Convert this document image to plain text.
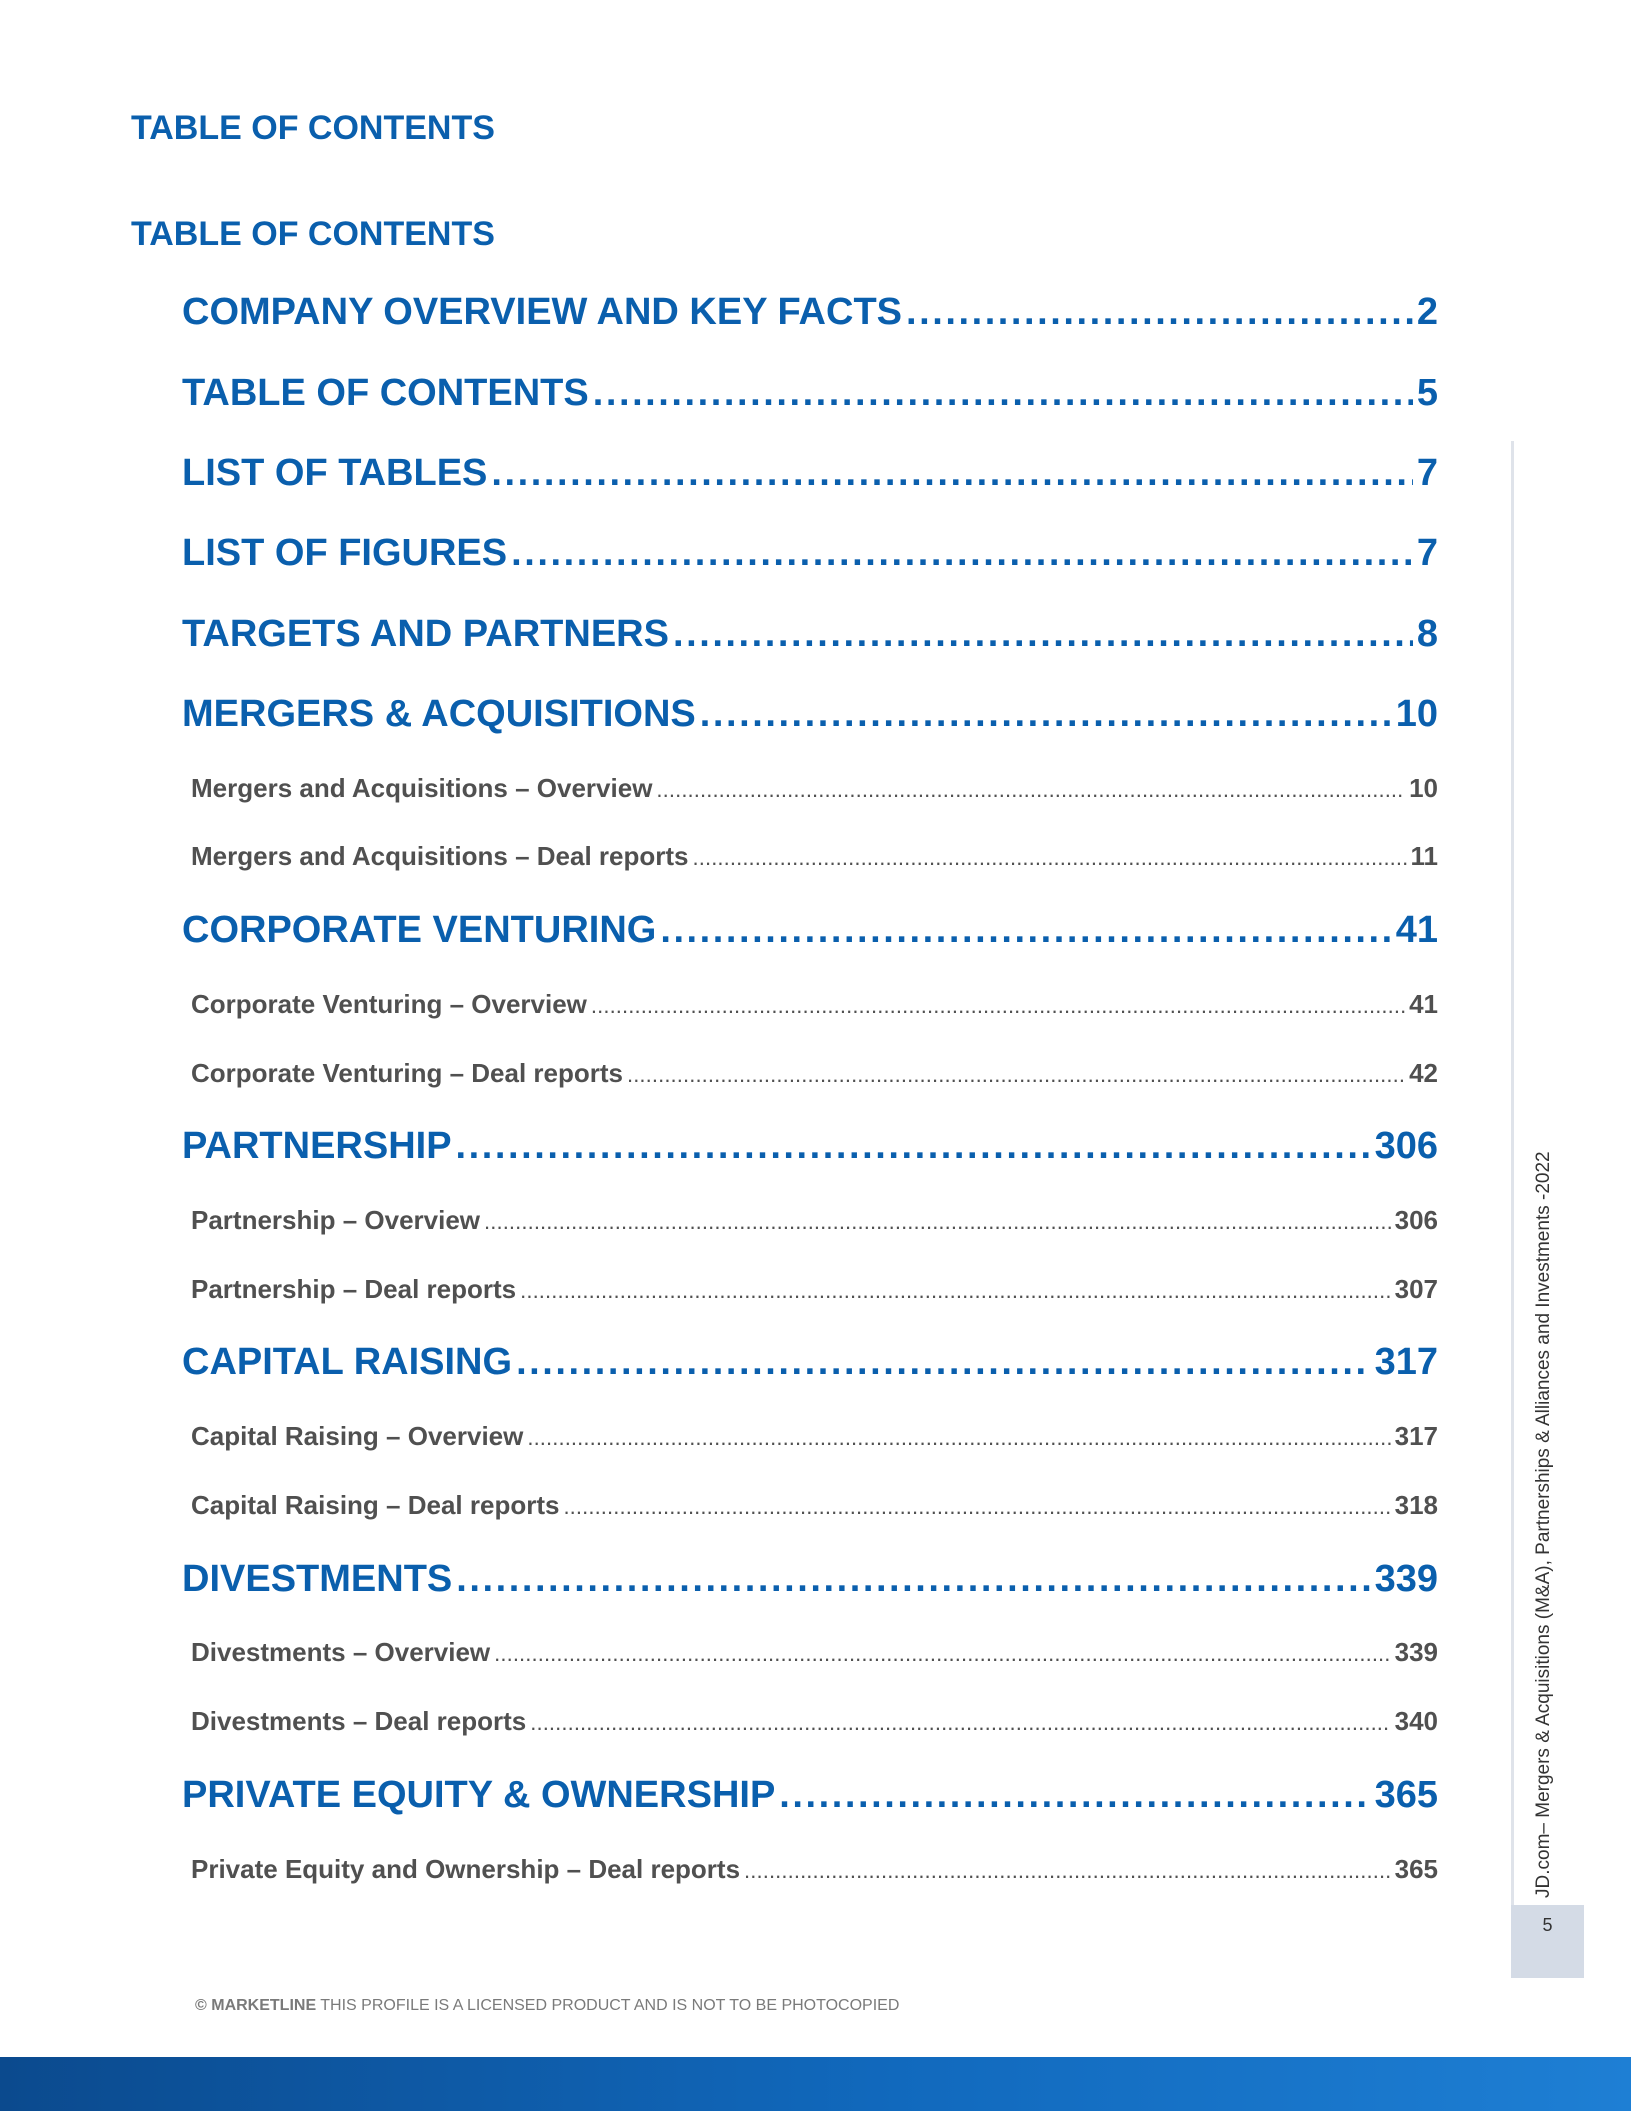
TABLE OF CONTENTS
TABLE OF CONTENTS
COMPANY OVERVIEW AND KEY FACTS . . .	2
TABLE OF CONTENTS . . .	5
LIST OF TABLES . . .	7
LIST OF FIGURES . . .	7
TARGETS AND PARTNERS . . .	8
MERGERS & ACQUISITIONS . . .	10
Mergers and Acquisitions – Overview . . .	10
Mergers and Acquisitions – Deal reports . . .	11
CORPORATE VENTURING . . .	41
Corporate Venturing – Overview . . .	41
Corporate Venturing – Deal reports . . .	42
PARTNERSHIP . . .	306
Partnership – Overview . . .	306
Partnership – Deal reports . . .	307
CAPITAL RAISING . . .	317
Capital Raising – Overview . . .	317
Capital Raising – Deal reports . . .	318
DIVESTMENTS . . .	339
Divestments – Overview . . .	339
Divestments – Deal reports . . .	340
PRIVATE EQUITY & OWNERSHIP . . .	365
Private Equity and Ownership – Deal reports . . .	365	JD.com– Mergers & Acquisitions (M&A), Partnerships & Alliances and Investments -2022
5
© MARKETLINE THIS PROFILE IS A LICENSED PRODUCT AND IS NOT TO BE PHOTOCOPIED
